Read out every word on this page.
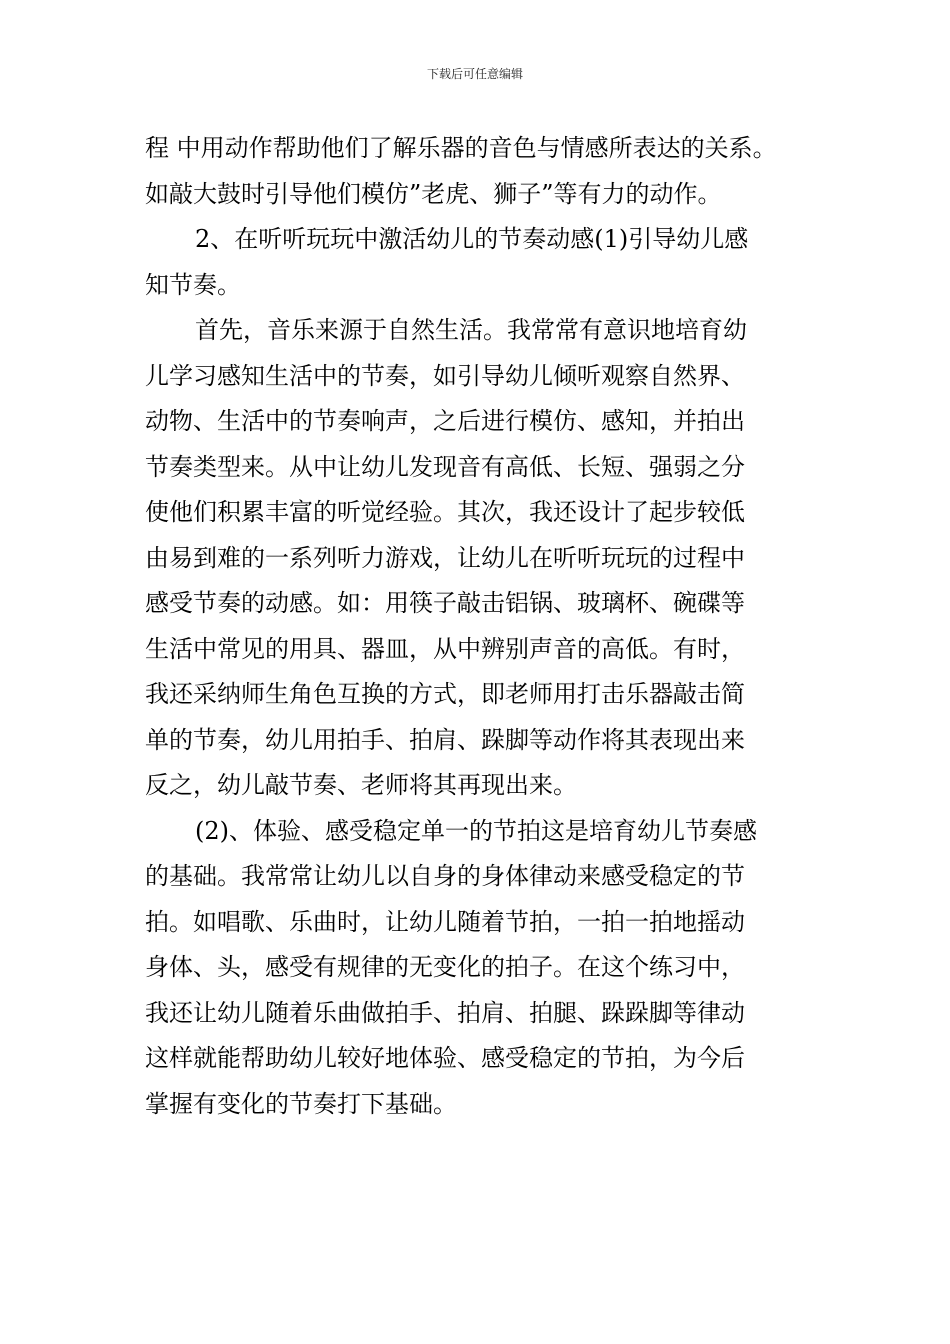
下载后可任意编辑

程 中用动作帮助他们了解乐器的音色与情感所表达的关系。
如敲大鼓时引导他们模仿”老虎、狮子”等有力的动作。

2、在听听玩玩中激活幼儿的节奏动感(1)引导幼儿感
知节奏。

首先，音乐来源于自然生活。我常常有意识地培育幼
儿学习感知生活中的节奏，如引导幼儿倾听观察自然界、
动物、生活中的节奏响声，之后进行模仿、感知，并拍出
节奏类型来。从中让幼儿发现音有高低、长短、强弱之分
使他们积累丰富的听觉经验。其次，我还设计了起步较低
由易到难的一系列听力游戏，让幼儿在听听玩玩的过程中
感受节奏的动感。如：用筷子敲击铝锅、玻璃杯、碗碟等
生活中常见的用具、器皿，从中辨别声音的高低。有时，
我还采纳师生角色互换的方式，即老师用打击乐器敲击简
单的节奏，幼儿用拍手、拍肩、跺脚等动作将其表现出来
反之，幼儿敲节奏、老师将其再现出来。

(2)、体验、感受稳定单一的节拍这是培育幼儿节奏感
的基础。我常常让幼儿以自身的身体律动来感受稳定的节
拍。如唱歌、乐曲时，让幼儿随着节拍，一拍一拍地摇动
身体、头，感受有规律的无变化的拍子。在这个练习中，
我还让幼儿随着乐曲做拍手、拍肩、拍腿、跺跺脚等律动
这样就能帮助幼儿较好地体验、感受稳定的节拍，为今后
掌握有变化的节奏打下基础。
